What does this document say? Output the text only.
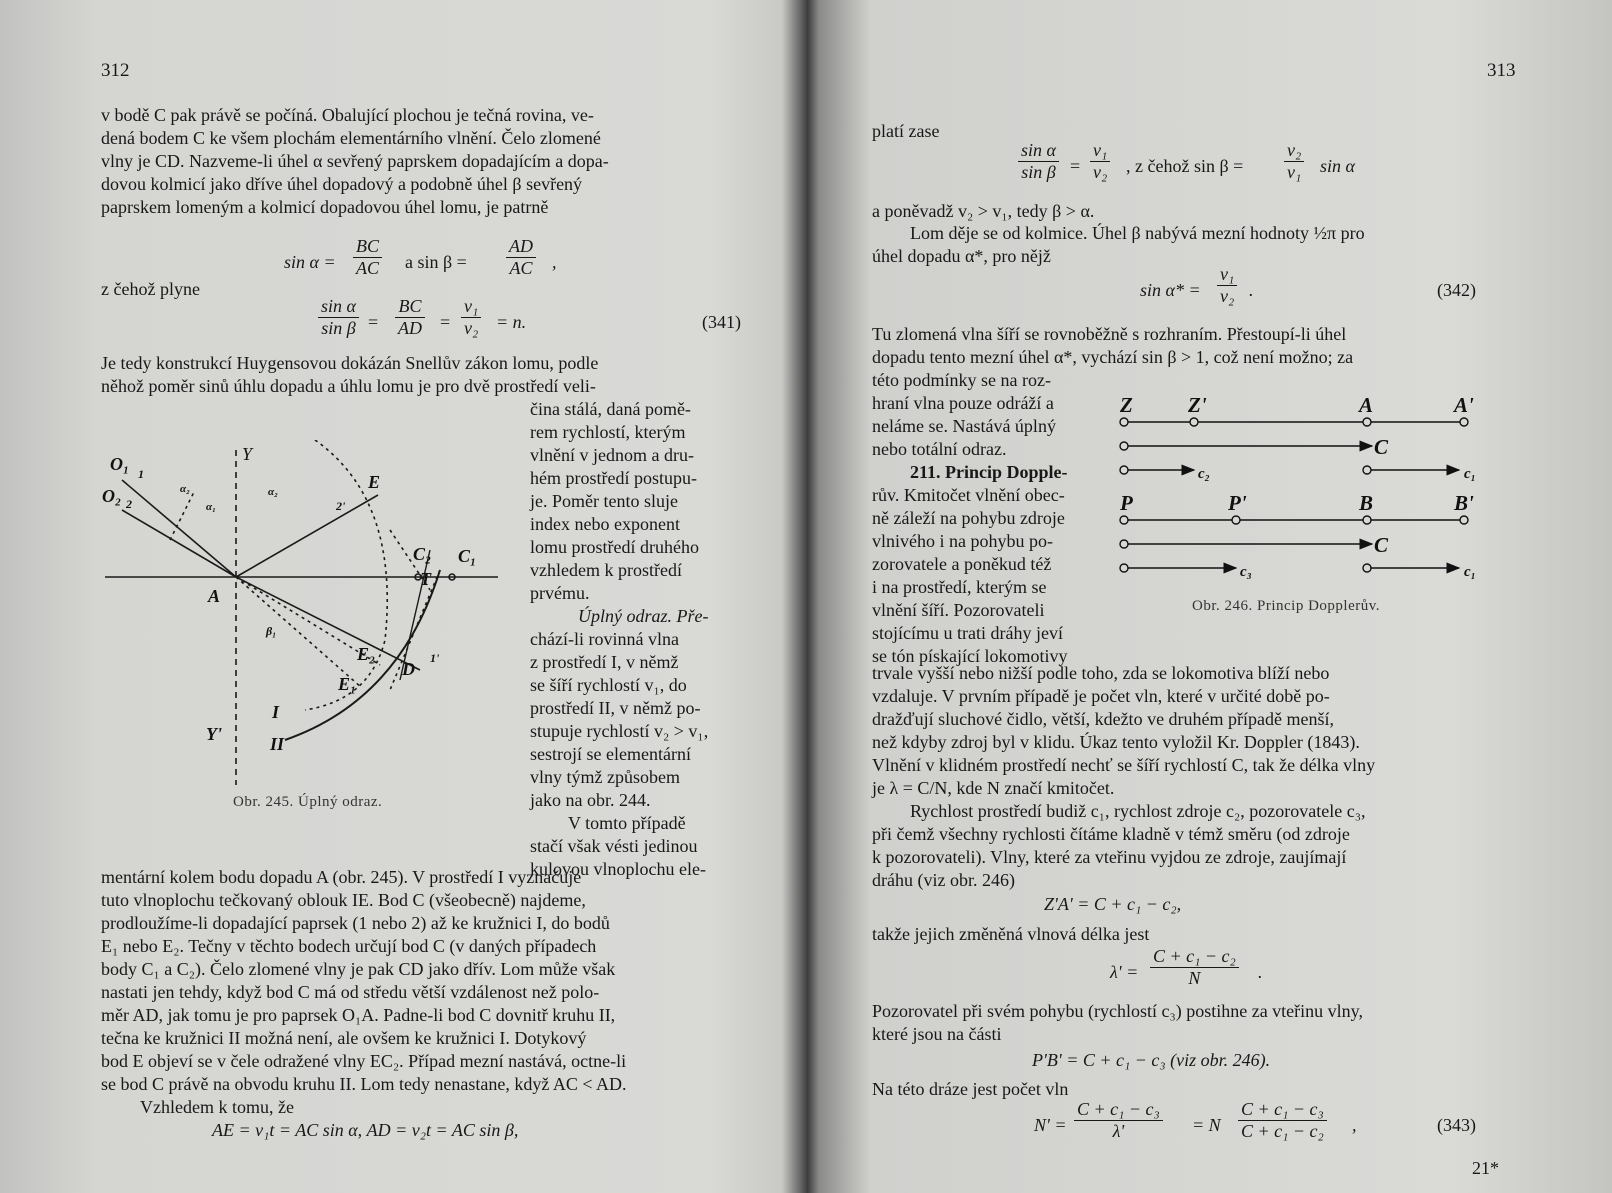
312
v bodě C pak právě se počíná. Obalující plochou je tečná rovina, ve-
dená bodem C ke všem plochám elementárního vlnění. Čelo zlomené
vlny je CD. Nazveme-li úhel α sevřený paprskem dopadajícím a dopa-
dovou kolmicí jako dříve úhel dopadový a podobně úhel β sevřený
paprskem lomeným a kolmicí dopadovou úhel lomu, je patrně
$\sin \alpha = \frac{BC}{AC}$ a $\sin \beta = \frac{AD}{AC}$ ,
z čehož plyne
$\frac{\text{sin α}}{\text{sin β}} = \frac{BC}{AD} = \frac{\text{v₁}}{\text{v₂}} = n$.	(341)
Je tedy konstrukcí Huygensovou dokázán Snellův zákon lomu, podle
něhož poměr sinů úhlu dopadu a úhlu lomu je pro dvě prostředí veli-
čina stálá, daná pomě-
rem rychlostí, kterým
vlnění v jednom a dru-
hém prostředí postupu-
je. Poměr tento sluje
index nebo exponent
lomu prostředí druhého
vzhledem k prostředí
prvému.
Úplný odraz. Pře-
chází-li rovinná vlna
z prostředí I, v němž
se šíří rychlostí v₁, do
prostředí II, v němž po-
stupuje rychlostí v₂ > v₁,
sestrojí se elementární
vlny týmž způsobem
jako na obr. 244.
V tomto případě
stačí však vésti jedinou
kulovou vlnoplochu ele-
O₁ 1
O₂ 2
Y
E
2'
α₂
α₁
α₂
A
C₂ C₁
T
β₁
E₂
E₁
D
1'
I
II
Y'
Obr. 245. Úplný odraz.
mentární kolem bodu dopadu A (obr. 245). V prostředí I vyznačuje
tuto vlnoplochu tečkovaný oblouk IE. Bod C (všeobecně) najdeme,
prodloužíme-li dopadající paprsek (1 nebo 2) až ke kružnici I, do bodů
E₁ nebo E₂. Tečny v těchto bodech určují bod C (v daných případech
body C₁ a C₂). Čelo zlomené vlny je pak CD jako dřív. Lom může však
nastati jen tehdy, když bod C má od středu větší vzdálenost než polo-
měr AD, jak tomu je pro paprsek O₁A. Padne-li bod C dovnitř kruhu II,
tečna ke kružnici II možná není, ale ovšem ke kružnici I. Dotykový
bod E objeví se v čele odražené vlny EC₂. Případ mezní nastává, octne-li
se bod C právě na obvodu kruhu II. Lom tedy nenastane, když AC < AD.
Vzhledem k tomu, že
AE = v₁t = AC sin α, AD = v₂t = AC sin β,
313
platí zase
$\frac{\text{sin α}}{\text{sin β}} = \frac{\text{v₁}}{\text{v₂}}$ , z čehož $\sin \beta = \frac{\text{v₂}}{\text{v₁}}$ sin α
a poněvadž v₂ > v₁, tedy β > α.
Lom děje se od kolmice. Úhel β nabývá mezní hodnoty ½π pro
úhel dopadu α*, pro nějž
$\sin \alpha* = \frac{\text{v₁}}{\text{v₂}}$ .	(342)
Tu zlomená vlna šíří se rovnoběžně s rozhraním. Přestoupí-li úhel
dopadu tento mezní úhel α*, vychází sin β > 1, což není možno; za
této podmínky se na roz-
hraní vlna pouze odráží a
neláme se. Nastává úplný
nebo totální odraz.
211. Princip Dopple-
rův. Kmitočet vlnění obec-
ně záleží na pohybu zdroje
vlnivého i na pohybu po-
zorovatele a poněkud též
i na prostředí, kterým se
vlnění šíří. Pozorovateli
stojícímu u trati dráhy jeví
se tón pískající lokomotivy
Z	Z'	A	A'
C
c₂	c₁
P	P'	B	B'
C
c₃	c₁
Obr. 246. Princip Dopplerův.
trvale vyšší nebo nižší podle toho, zda se lokomotiva blíží nebo
vzdaluje. V prvním případě je počet vln, které v určité době po-
dražďují sluchové čidlo, větší, kdežto ve druhém případě menší,
než kdyby zdroj byl v klidu. Úkaz tento vyložil Kr. Doppler (1843).
Vlnění v klidném prostředí nechť se šíří rychlostí C, tak že délka vlny
je λ = C/N, kde N značí kmitočet.
Rychlost prostředí budiž c₁, rychlost zdroje c₂, pozorovatele c₃,
při čemž všechny rychlosti čítáme kladně v témž směru (od zdroje
k pozorovateli). Vlny, které za vteřinu vyjdou ze zdroje, zaujímají
dráhu (viz obr. 246)
Z'A' = C + c₁ − c₂,
takže jejich změněná vlnová délka jest
$\lambda' = \frac{\text{C + c₁ − c₂}}{N}$ .
Pozorovatel při svém pohybu (rychlostí c₃) postihne za vteřinu vlny,
které jsou na části
P'B' = C + c₁ − c₃ (viz obr. 246).
Na této dráze jest počet vln
$N' = \frac{\text{C + c₁ − c₃}}{\lambda'} = N \frac{\text{C + c₁ − c₃}}{\text{C + c₁ − c₂}}$ ,	(343)
21*
